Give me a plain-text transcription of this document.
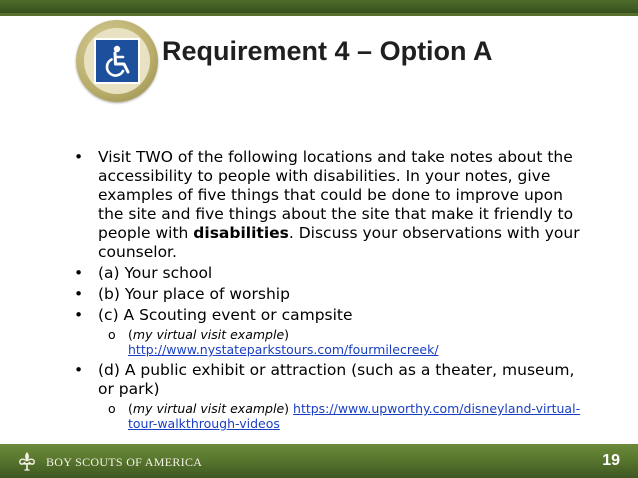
Requirement 4 – Option A
• Visit TWO of the following locations and take notes about the accessibility to people with disabilities. In your notes, give examples of five things that could be done to improve upon the site and five things about the site that make it friendly to people with disabilities. Discuss your observations with your counselor.

• (a) Your school

• (b) Your place of worship

• (c) A Scouting event or campsite

o (my virtual visit example)
http://www.nystateparkstours.com/fourmilecreek/
• (d) A public exhibit or attraction (such as a theater, museum, or park)

o (my virtual visit example) https://www.upworthy.com/disneyland-virtual-tour-walkthrough-videos
BOY SCOUTS OF AMERICA	19
